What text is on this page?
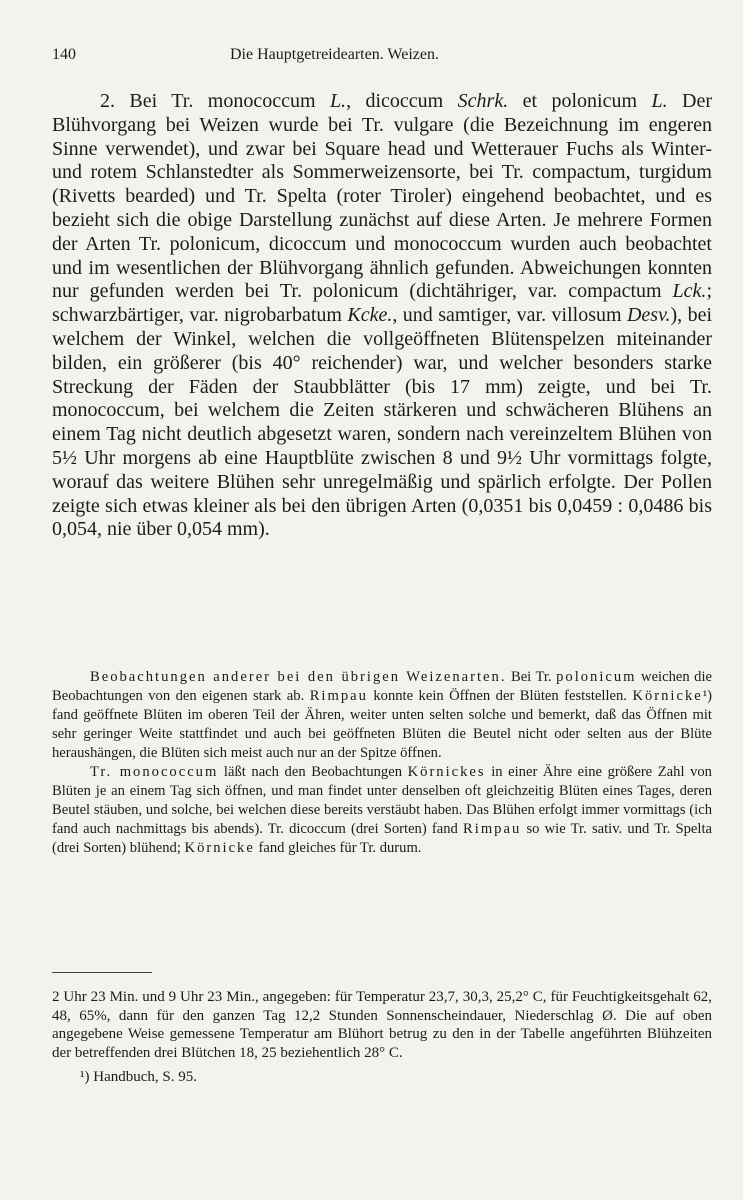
140	Die Hauptgetreidearten. Weizen.

2. Bei Tr. monococcum L., dicoccum Schrk. et polonicum L. Der Blühvorgang bei Weizen wurde bei Tr. vulgare (die Bezeichnung im engeren Sinne verwendet), und zwar bei Square head und Wetterauer Fuchs als Winter- und rotem Schlanstedter als Sommerweizensorte, bei Tr. compactum, turgidum (Rivetts bearded) und Tr. Spelta (roter Tiroler) eingehend beobachtet, und es bezieht sich die obige Darstellung zunächst auf diese Arten. Je mehrere Formen der Arten Tr. polonicum, dicoccum und monococcum wurden auch beobachtet und im wesentlichen der Blühvorgang ähnlich gefunden. Abweichungen konnten nur gefunden werden bei Tr. polonicum (dichtähriger, var. compactum Lck.; schwarzbärtiger, var. nigrobarbatum Kcke., und samtiger, var. villosum Desv.), bei welchem der Winkel, welchen die vollgeöffneten Blütenspelzen miteinander bilden, ein größerer (bis 40° reichender) war, und welcher besonders starke Streckung der Fäden der Staubblätter (bis 17 mm) zeigte, und bei Tr. monococcum, bei welchem die Zeiten stärkeren und schwächeren Blühens an einem Tag nicht deutlich abgesetzt waren, sondern nach vereinzeltem Blühen von 5½ Uhr morgens ab eine Hauptblüte zwischen 8 und 9½ Uhr vormittags folgte, worauf das weitere Blühen sehr unregelmäßig und spärlich erfolgte. Der Pollen zeigte sich etwas kleiner als bei den übrigen Arten (0,0351 bis 0,0459 : 0,0486 bis 0,054, nie über 0,054 mm).

Beobachtungen anderer bei den übrigen Weizenarten. Bei Tr. polonicum weichen die Beobachtungen von den eigenen stark ab. Rimpau konnte kein Öffnen der Blüten feststellen. Körnicke¹) fand geöffnete Blüten im oberen Teil der Ähren, weiter unten selten solche und bemerkt, daß das Öffnen mit sehr geringer Weite stattfindet und auch bei geöffneten Blüten die Beutel nicht oder selten aus der Blüte heraushängen, die Blüten sich meist auch nur an der Spitze öffnen.

Tr. monococcum läßt nach den Beobachtungen Körnickes in einer Ähre eine größere Zahl von Blüten je an einem Tag sich öffnen, und man findet unter denselben oft gleichzeitig Blüten eines Tages, deren Beutel stäuben, und solche, bei welchen diese bereits verstäubt haben. Das Blühen erfolgt immer vormittags (ich fand auch nachmittags bis abends). Tr. dicoccum (drei Sorten) fand Rimpau so wie Tr. sativ. und Tr. Spelta (drei Sorten) blühend; Körnicke fand gleiches für Tr. durum.

2 Uhr 23 Min. und 9 Uhr 23 Min., angegeben: für Temperatur 23,7, 30,3, 25,2° C, für Feuchtigkeitsgehalt 62, 48, 65%, dann für den ganzen Tag 12,2 Stunden Sonnenscheindauer, Niederschlag Ø. Die auf oben angegebene Weise gemessene Temperatur am Blühort betrug zu den in der Tabelle angeführten Blühzeiten der betreffenden drei Blütchen 18, 25 beziehentlich 28° C.

¹) Handbuch, S. 95.
